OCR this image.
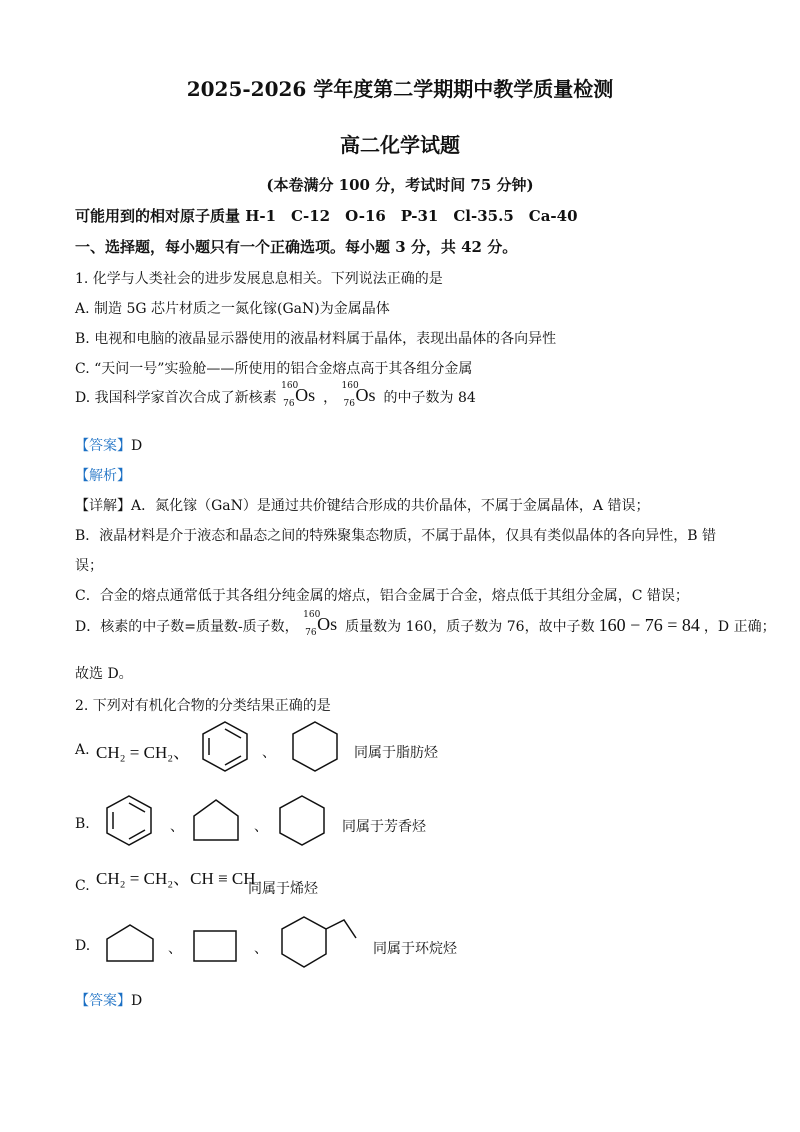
2025-2026 学年度第二学期期中教学质量检测
高二化学试题
(本卷满分 100 分，考试时间 75 分钟)
可能用到的相对原子质量 H-1　C-12　O-16　P-31　Cl-35.5　Ca-40
一、选择题，每小题只有一个正确选项。每小题 3 分，共 42 分。
1. 化学与人类社会的进步发展息息相关。下列说法正确的是
A. 制造 5G 芯片材质之一氮化镓(GaN)为金属晶体
B. 电视和电脑的液晶显示器使用的液晶材料属于晶体，表现出晶体的各向异性
C. “天问一号”实验舱——所使用的铝合金熔点高于其各组分金属
D. 我国科学家首次合成了新核素
160
76 Os ，
160
76 Os 的中子数为 84
【答案】D
【解析】
【详解】A．氮化镓（GaN）是通过共价键结合形成的共价晶体，不属于金属晶体，A 错误；
B．液晶材料是介于液态和晶态之间的特殊聚集态物质，不属于晶体，仅具有类似晶体的各向异性，B 错
误；
C．合金的熔点通常低于其各组分纯金属的熔点，铝合金属于合金，熔点低于其组分金属，C 错误；
D．核素的中子数=质量数-质子数，
160
76 Os 质量数为 160，质子数为 76，故中子数 160 − 76 = 84 ，D 正确；
故选 D。
2. 下列对有机化合物的分类结果正确的是
A. CH₂ = CH₂、	、	同属于脂肪烃
B.	、	、	同属于芳香烃
C. CH₂ = CH₂、CH ≡ CH
同属于烯烃
D.	、	、	同属于环烷烃
【答案】D
